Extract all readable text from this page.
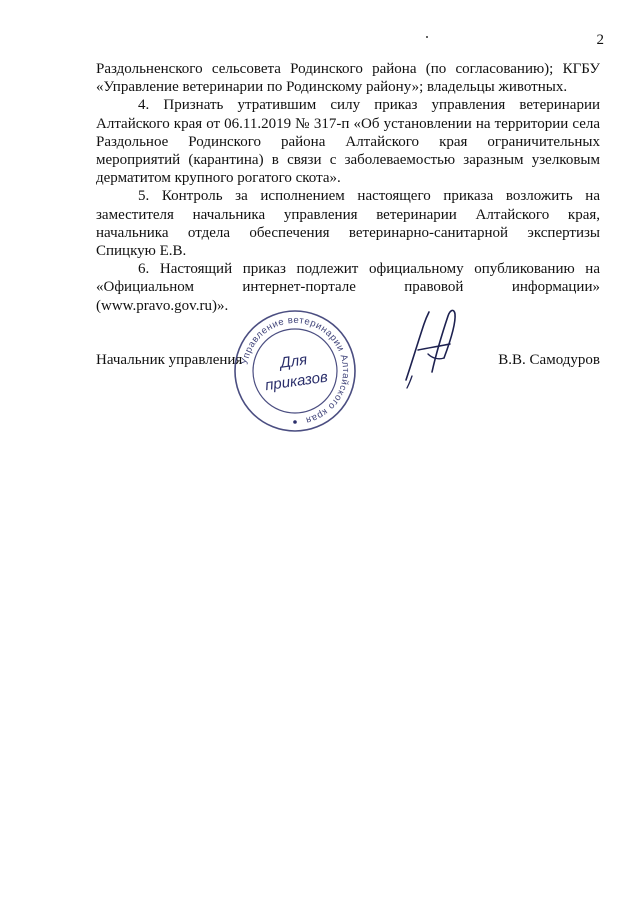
2

Раздольненского сельсовета Родинского района (по согласованию); КГБУ «Управление ветеринарии по Родинскому району»; владельцы животных.

4. Признать утратившим силу приказ управления ветеринарии Алтайского края от 06.11.2019 № 317-п «Об установлении на территории села Раздольное Родинского района Алтайского края ограничительных мероприятий (карантина) в связи с заболеваемостью заразным узелковым дерматитом крупного рогатого скота».

5. Контроль за исполнением настоящего приказа возложить на заместителя начальника управления ветеринарии Алтайского края, начальника отдела обеспечения ветеринарно-санитарной экспертизы Спицкую Е.В.

6. Настоящий приказ подлежит официальному опубликованию на «Официальном интернет-портале правовой информации» (www.pravo.gov.ru)».

Начальник управления	В.В. Самодуров
Управление ветеринарии Алтайского края
Для
приказов
